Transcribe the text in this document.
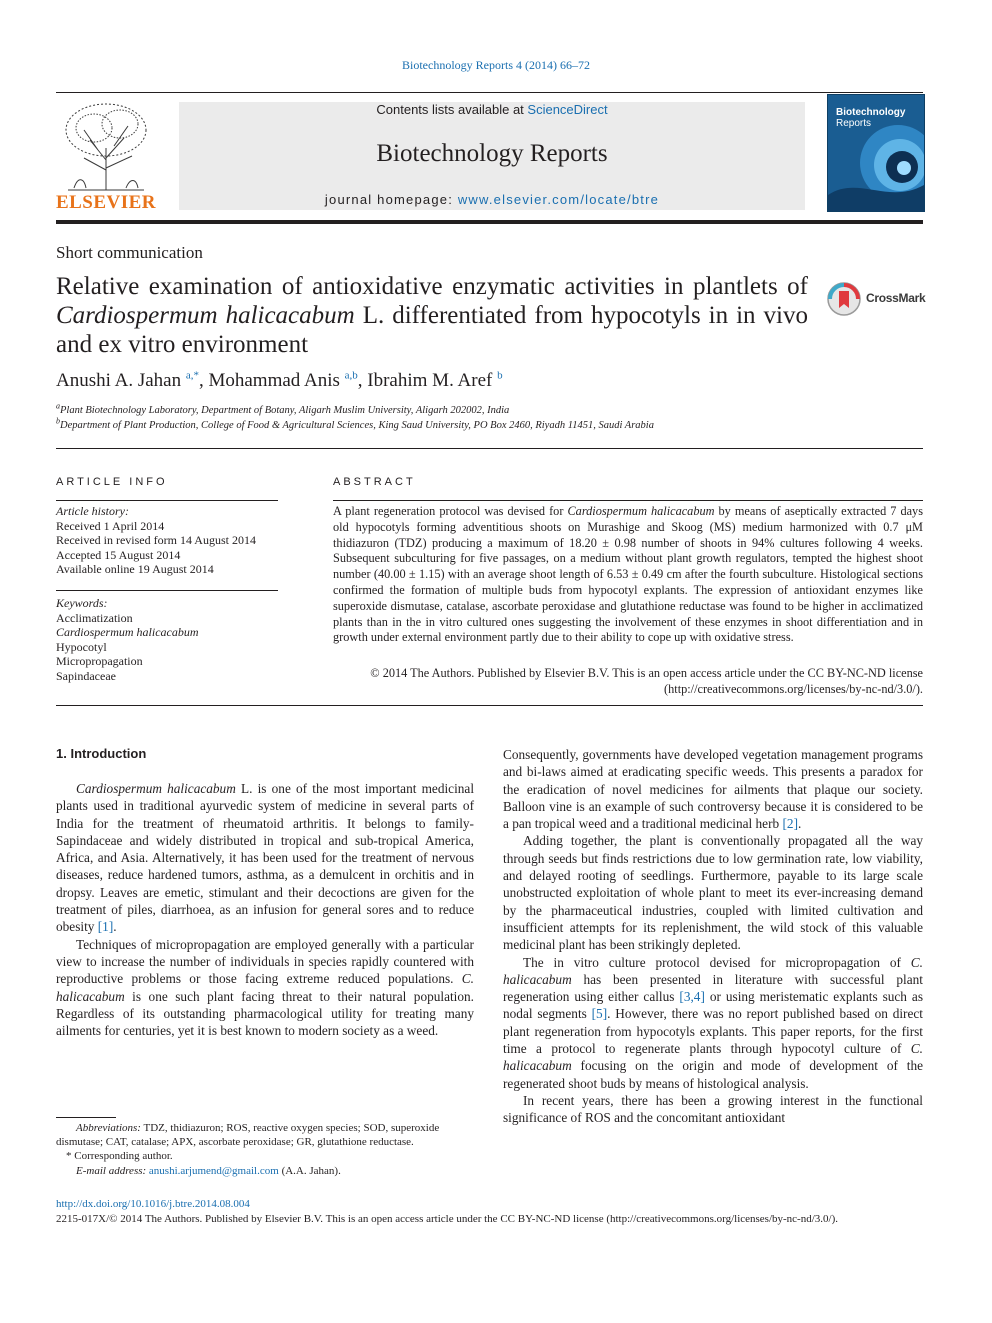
Biotechnology Reports 4 (2014) 66–72
ELSEVIER
Contents lists available at ScienceDirect
Biotechnology Reports
journal homepage: www.elsevier.com/locate/btre
Biotechnology
Reports
Short communication
Relative examination of antioxidative enzymatic activities in plantlets of Cardiospermum halicacabum L. differentiated from hypocotyls in in vivo and ex vitro environment
CrossMark
Anushi A. Jahan $^{a,*}$, Mohammad Anis $^{a,b}$, Ibrahim M. Aref $^b$
$^a$Plant Biotechnology Laboratory, Department of Botany, Aligarh Muslim University, Aligarh 202002, India
$^b$Department of Plant Production, College of Food & Agricultural Sciences, King Saud University, PO Box 2460, Riyadh 11451, Saudi Arabia
ARTICLE INFO
Article history:
Received 1 April 2014
Received in revised form 14 August 2014
Accepted 15 August 2014
Available online 19 August 2014
Keywords:
Acclimatization
Cardiospermum halicacabum
Hypocotyl
Micropropagation
Sapindaceae
ABSTRACT
A plant regeneration protocol was devised for Cardiospermum halicacabum by means of aseptically extracted 7 days old hypocotyls forming adventitious shoots on Murashige and Skoog (MS) medium harmonized with 0.7 μM thidiazuron (TDZ) producing a maximum of 18.20 ± 0.98 number of shoots in 94% cultures following 4 weeks. Subsequent subculturing for five passages, on a medium without plant growth regulators, tempted the highest shoot number (40.00 ± 1.15) with an average shoot length of 6.53 ± 0.49 cm after the fourth subculture. Histological sections confirmed the formation of multiple buds from hypocotyl explants. The expression of antioxidant enzymes like superoxide dismutase, catalase, ascorbate peroxidase and glutathione reductase was found to be higher in acclimatized plants than in the in vitro cultured ones suggesting the involvement of these enzymes in shoot differentiation and in growth under external environment partly due to their ability to cope up with oxidative stress.
© 2014 The Authors. Published by Elsevier B.V. This is an open access article under the CC BY-NC-ND license (http://creativecommons.org/licenses/by-nc-nd/3.0/).
1. Introduction

Cardiospermum halicacabum L. is one of the most important medicinal plants used in traditional ayurvedic system of medicine in several parts of India for the treatment of rheumatoid arthritis. It belongs to family-Sapindaceae and widely distributed in tropical and sub-tropical America, Africa, and Asia. Alternatively, it has been used for the treatment of nervous diseases, reduce hardened tumors, asthma, as a demulcent in orchitis and in dropsy. Leaves are emetic, stimulant and their decoctions are given for the treatment of piles, diarrhoea, as an infusion for general sores and to reduce obesity [1].

Techniques of micropropagation are employed generally with a particular view to increase the number of individuals in species rapidly countered with reproductive problems or those facing extreme reduced populations. C. halicacabum is one such plant facing threat to their natural population. Regardless of its outstanding pharmacological utility for treating many ailments for centuries, yet it is best known to modern society as a weed.

Consequently, governments have developed vegetation management programs and bi-laws aimed at eradicating specific weeds. This presents a paradox for the eradication of novel medicines for ailments that plaque our society. Balloon vine is an example of such controversy because it is considered to be a pan tropical weed and a traditional medicinal herb [2].

Adding together, the plant is conventionally propagated all the way through seeds but finds restrictions due to low germination rate, low viability, and delayed rooting of seedlings. Furthermore, payable to its large scale unobstructed exploitation of whole plant to meet its ever-increasing demand by the pharmaceutical industries, coupled with limited cultivation and insufficient attempts for its replenishment, the wild stock of this valuable medicinal plant has been strikingly depleted.

The in vitro culture protocol devised for micropropagation of C. halicacabum has been presented in literature with successful plant regeneration using either callus [3,4] or using meristematic explants such as nodal segments [5]. However, there was no report published based on direct plant regeneration from hypocotyls explants. This paper reports, for the first time a protocol to regenerate plants through hypocotyl culture of C. halicacabum focusing on the origin and mode of development of the regenerated shoot buds by means of histological analysis.

In recent years, there has been a growing interest in the functional significance of ROS and the concomitant antioxidant

Abbreviations: TDZ, thidiazuron; ROS, reactive oxygen species; SOD, superoxide dismutase; CAT, catalase; APX, ascorbate peroxidase; GR, glutathione reductase.

* Corresponding author.

E-mail address: anushi.arjumend@gmail.com (A.A. Jahan).

http://dx.doi.org/10.1016/j.btre.2014.08.004
2215-017X/© 2014 The Authors. Published by Elsevier B.V. This is an open access article under the CC BY-NC-ND license (http://creativecommons.org/licenses/by-nc-nd/3.0/).
